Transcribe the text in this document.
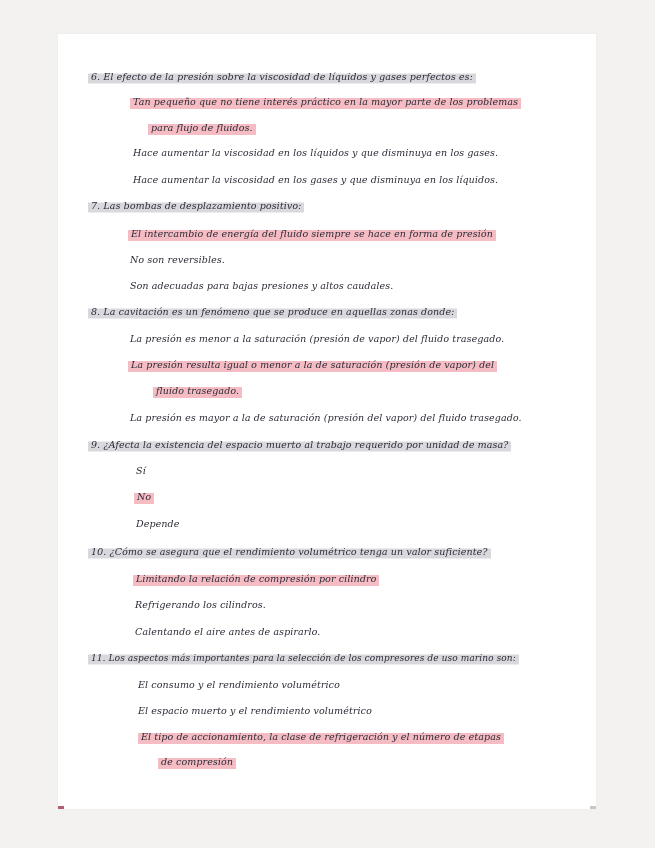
6. El efecto de la presión sobre la viscosidad de líquidos y gases perfectos es:
Tan pequeño que no tiene interés práctico en la mayor parte de los problemas
para flujo de fluidos.
Hace aumentar la viscosidad en los líquidos y que disminuya en los gases.
Hace aumentar la viscosidad en los gases y que disminuya en los líquidos.
7. Las bombas de desplazamiento positivo:
El intercambio de energía del fluido siempre se hace en forma de presión
No son reversibles.
Son adecuadas para bajas presiones y altos caudales.
8. La cavitación es un fenómeno que se produce en aquellas zonas donde:
La presión es menor a la saturación (presión de vapor) del fluido trasegado.
La presión resulta igual o menor a la de saturación (presión de vapor) del
fluido trasegado.
La presión es mayor a la de saturación (presión del vapor) del fluido trasegado.
9. ¿Afecta la existencia del espacio muerto al trabajo requerido por unidad de masa?
Sí
No
Depende
10. ¿Cómo se asegura que el rendimiento volumétrico tenga un valor suficiente?
Limitando la relación de compresión por cilindro
Refrigerando los cilindros.
Calentando el aire antes de aspirarlo.
11. Los aspectos más importantes para la selección de los compresores de uso marino son:
El consumo y el rendimiento volumétrico
El espacio muerto y el rendimiento volumétrico
El tipo de accionamiento, la clase de refrigeración y el número de etapas
de compresión
